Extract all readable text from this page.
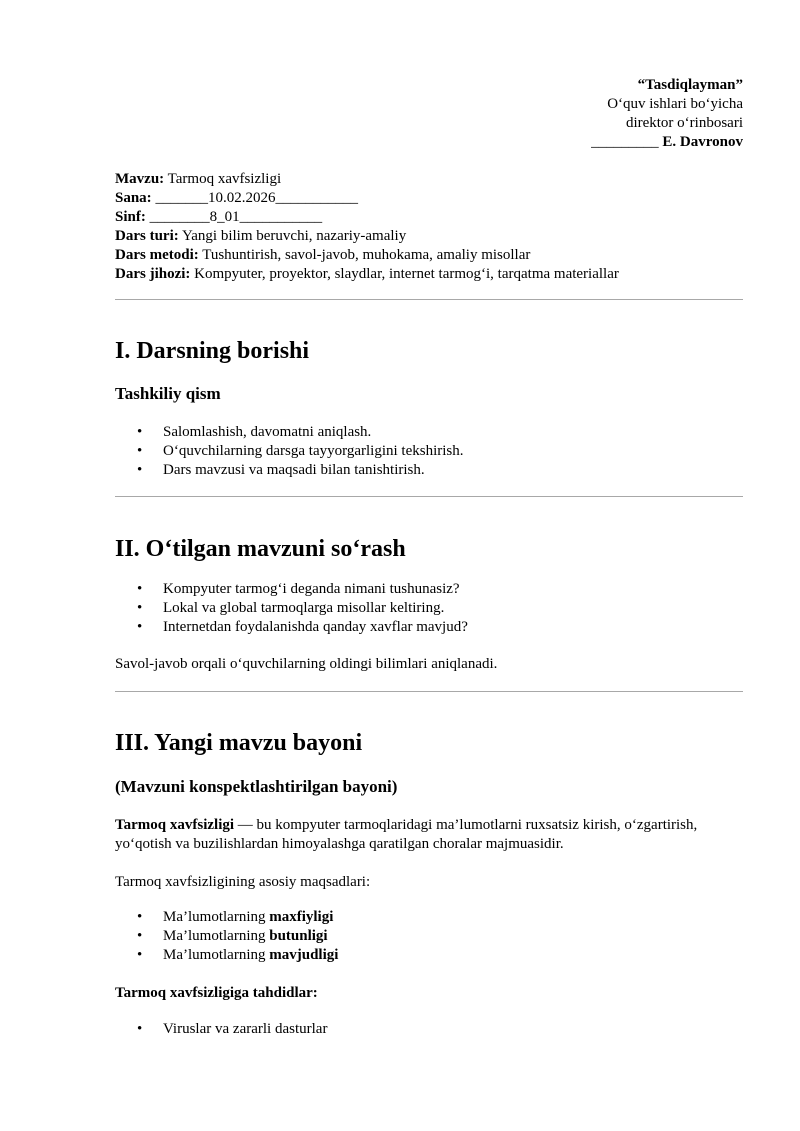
“Tasdiqlayman”
O‘quv ishlari bo‘yicha
direktor o‘rinbosari
_________ E. Davronov
Mavzu: Tarmoq xavfsizligi
Sana: _______10.02.2026___________
Sinf: ________8_01___________
Dars turi: Yangi bilim beruvchi, nazariy-amaliy
Dars metodi: Tushuntirish, savol-javob, muhokama, amaliy misollar
Dars jihozi: Kompyuter, proyektor, slaydlar, internet tarmog‘i, tarqatma materiallar
I. Darsning borishi
Tashkiliy qism
• Salomlashish, davomatni aniqlash.
• O‘quvchilarning darsga tayyorgarligini tekshirish.
• Dars mavzusi va maqsadi bilan tanishtirish.
II. O‘tilgan mavzuni so‘rash
• Kompyuter tarmog‘i deganda nimani tushunasiz?
• Lokal va global tarmoqlarga misollar keltiring.
• Internetdan foydalanishda qanday xavflar mavjud?
Savol-javob orqali o‘quvchilarning oldingi bilimlari aniqlanadi.
III. Yangi mavzu bayoni
(Mavzuni konspektlashtirilgan bayoni)
Tarmoq xavfsizligi — bu kompyuter tarmoqlaridagi ma’lumotlarni ruxsatsiz kirish, o‘zgartirish, yo‘qotish va buzilishlardan himoyalashga qaratilgan choralar majmuasidir.
Tarmoq xavfsizligining asosiy maqsadlari:
• Ma’lumotlarning maxfiyligi
• Ma’lumotlarning butunligi
• Ma’lumotlarning mavjudligi
Tarmoq xavfsizligiga tahdidlar:
• Viruslar va zararli dasturlar
